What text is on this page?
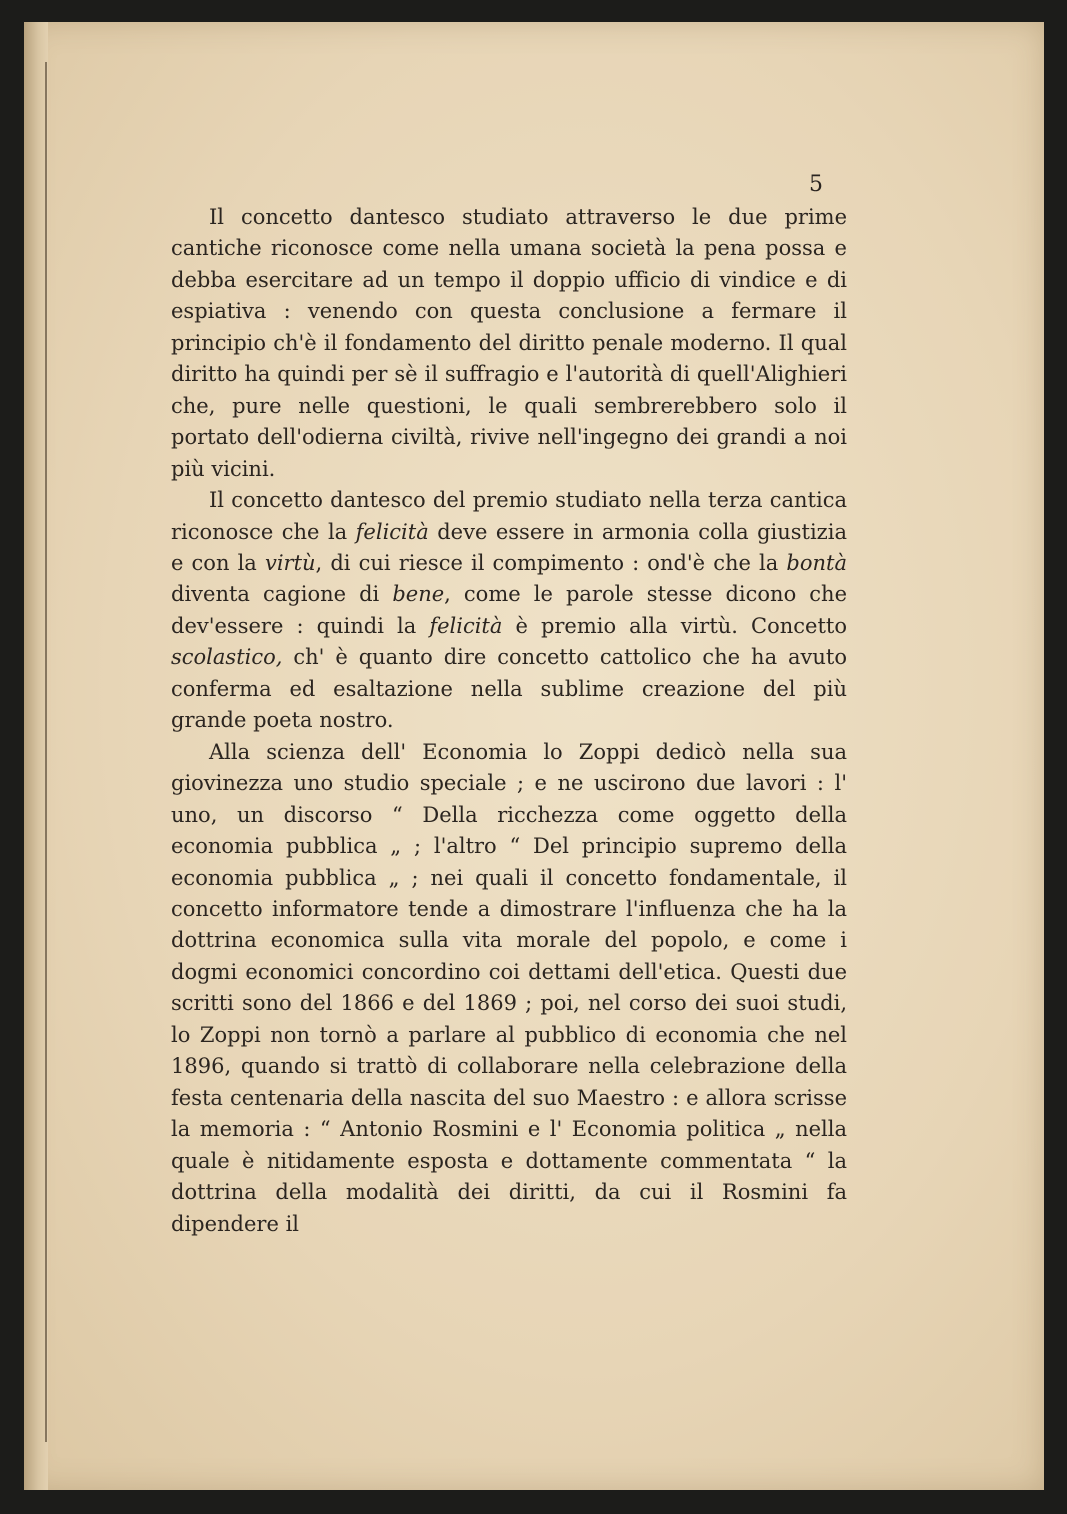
5

Il concetto dantesco studiato attraverso le due prime cantiche riconosce come nella umana società la pena possa e debba esercitare ad un tempo il doppio ufficio di vindice e di espiativa : venendo con questa conclusione a fermare il principio ch'è il fondamento del diritto penale moderno. Il qual diritto ha quindi per sè il suffragio e l'autorità di quell'Alighieri che, pure nelle questioni, le quali sembrerebbero solo il portato dell'odierna civiltà, rivive nell'ingegno dei grandi a noi più vicini.

Il concetto dantesco del premio studiato nella terza cantica riconosce che la felicità deve essere in armonia colla giustizia e con la virtù, di cui riesce il compimento : ond'è che la bontà diventa cagione di bene, come le parole stesse dicono che dev'essere : quindi la felicità è premio alla virtù. Concetto scolastico, ch' è quanto dire concetto cattolico che ha avuto conferma ed esaltazione nella sublime creazione del più grande poeta nostro.

Alla scienza dell' Economia lo Zoppi dedicò nella sua giovinezza uno studio speciale ; e ne uscirono due lavori : l' uno, un discorso “ Della ricchezza come oggetto della economia pubblica „ ; l'altro “ Del principio supremo della economia pubblica „ ; nei quali il concetto fondamentale, il concetto informatore tende a dimostrare l'influenza che ha la dottrina economica sulla vita morale del popolo, e come i dogmi economici concordino coi dettami dell'etica. Questi due scritti sono del 1866 e del 1869 ; poi, nel corso dei suoi studi, lo Zoppi non tornò a parlare al pubblico di economia che nel 1896, quando si trattò di collaborare nella celebrazione della festa centenaria della nascita del suo Maestro : e allora scrisse la memoria : “ Antonio Rosmini e l' Economia politica „ nella quale è nitidamente esposta e dottamente commentata “ la dottrina della modalità dei diritti, da cui il Rosmini fa dipendere il
